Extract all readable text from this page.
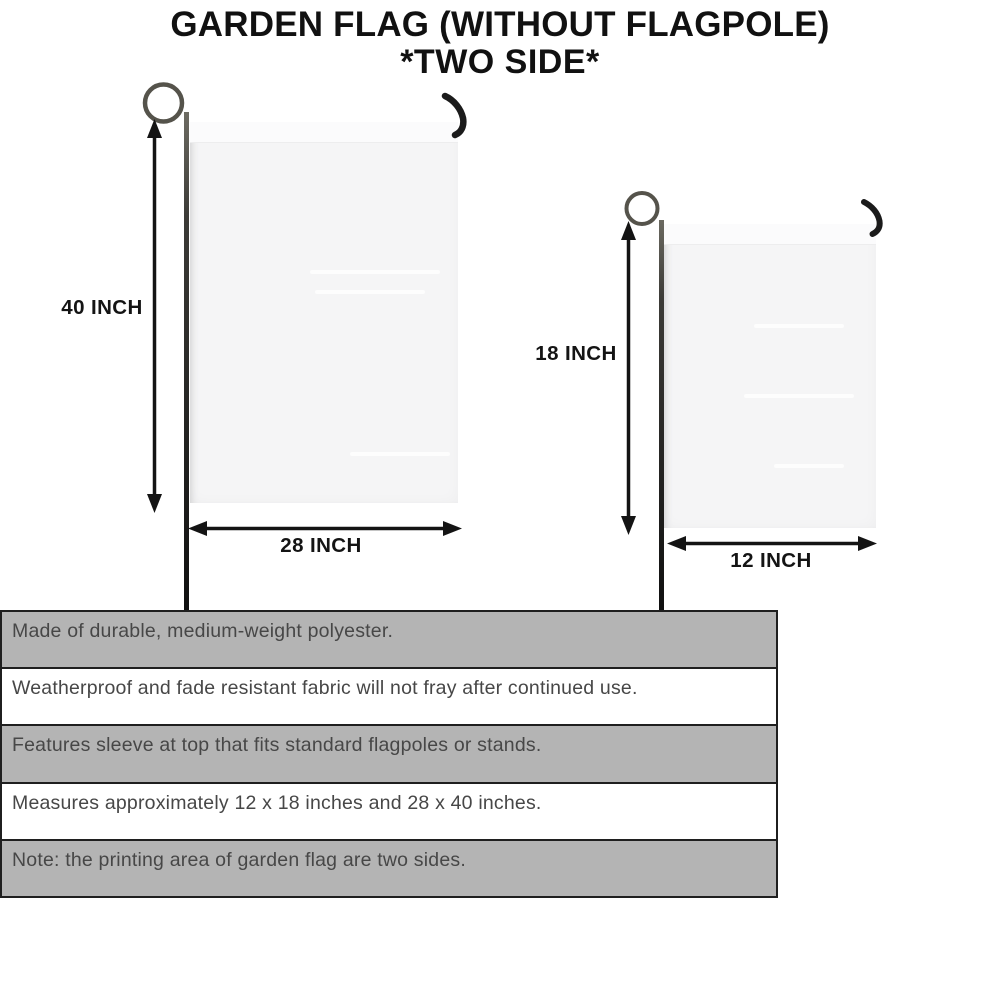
GARDEN FLAG (WITHOUT FLAGPOLE)
*TWO SIDE*
40 INCH
18 INCH
28 INCH
12 INCH
Made of durable, medium-weight polyester.
Weatherproof and fade resistant fabric will not fray after continued use.
Features sleeve at top that fits standard flagpoles or stands.
Measures approximately 12 x 18 inches and 28 x 40 inches.
Note: the printing area of garden flag are two sides.
